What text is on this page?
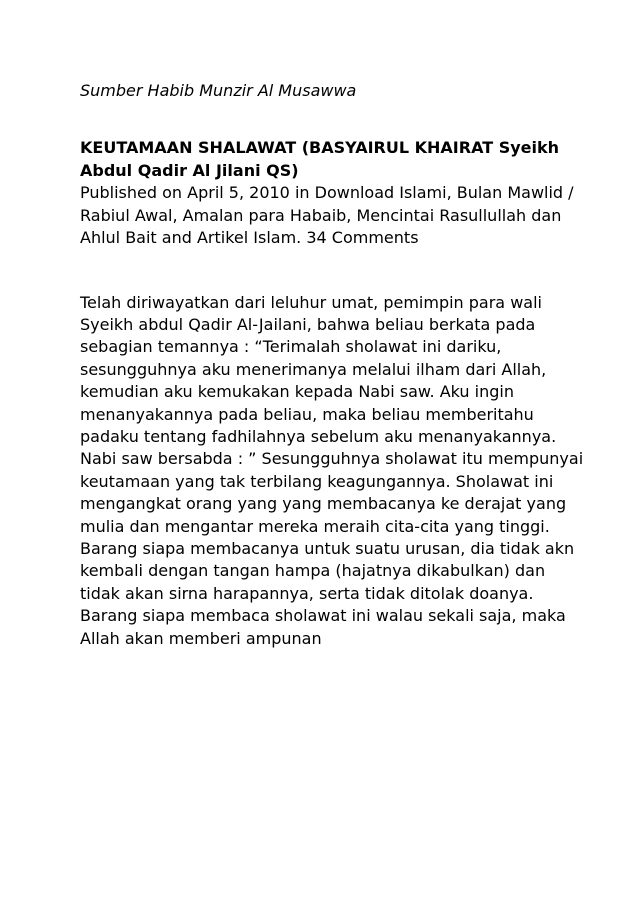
Sumber Habib Munzir Al Musawwa

KEUTAMAAN SHALAWAT (BASYAIRUL KHAIRAT Syeikh Abdul Qadir Al Jilani QS)

Published on April 5, 2010 in Download Islami, Bulan Mawlid / Rabiul Awal, Amalan para Habaib, Mencintai Rasullullah dan Ahlul Bait and Artikel Islam. 34 Comments

Telah diriwayatkan dari leluhur umat, pemimpin para wali Syeikh abdul Qadir Al-Jailani, bahwa beliau berkata pada sebagian temannya : “Terimalah sholawat ini dariku, sesungguhnya aku menerimanya melalui ilham dari Allah, kemudian aku kemukakan kepada Nabi saw. Aku ingin menanyakannya pada beliau, maka beliau memberitahu padaku tentang fadhilahnya sebelum aku menanyakannya.

Nabi saw bersabda : ” Sesungguhnya sholawat itu mempunyai keutamaan yang tak terbilang keagungannya. Sholawat ini mengangkat orang yang yang membacanya ke derajat yang mulia dan mengantar mereka meraih cita-cita yang tinggi. Barang siapa membacanya untuk suatu urusan, dia tidak akn kembali dengan tangan hampa (hajatnya dikabulkan) dan tidak akan sirna harapannya, serta tidak ditolak doanya. Barang siapa membaca sholawat ini walau sekali saja, maka Allah akan memberi ampunan
